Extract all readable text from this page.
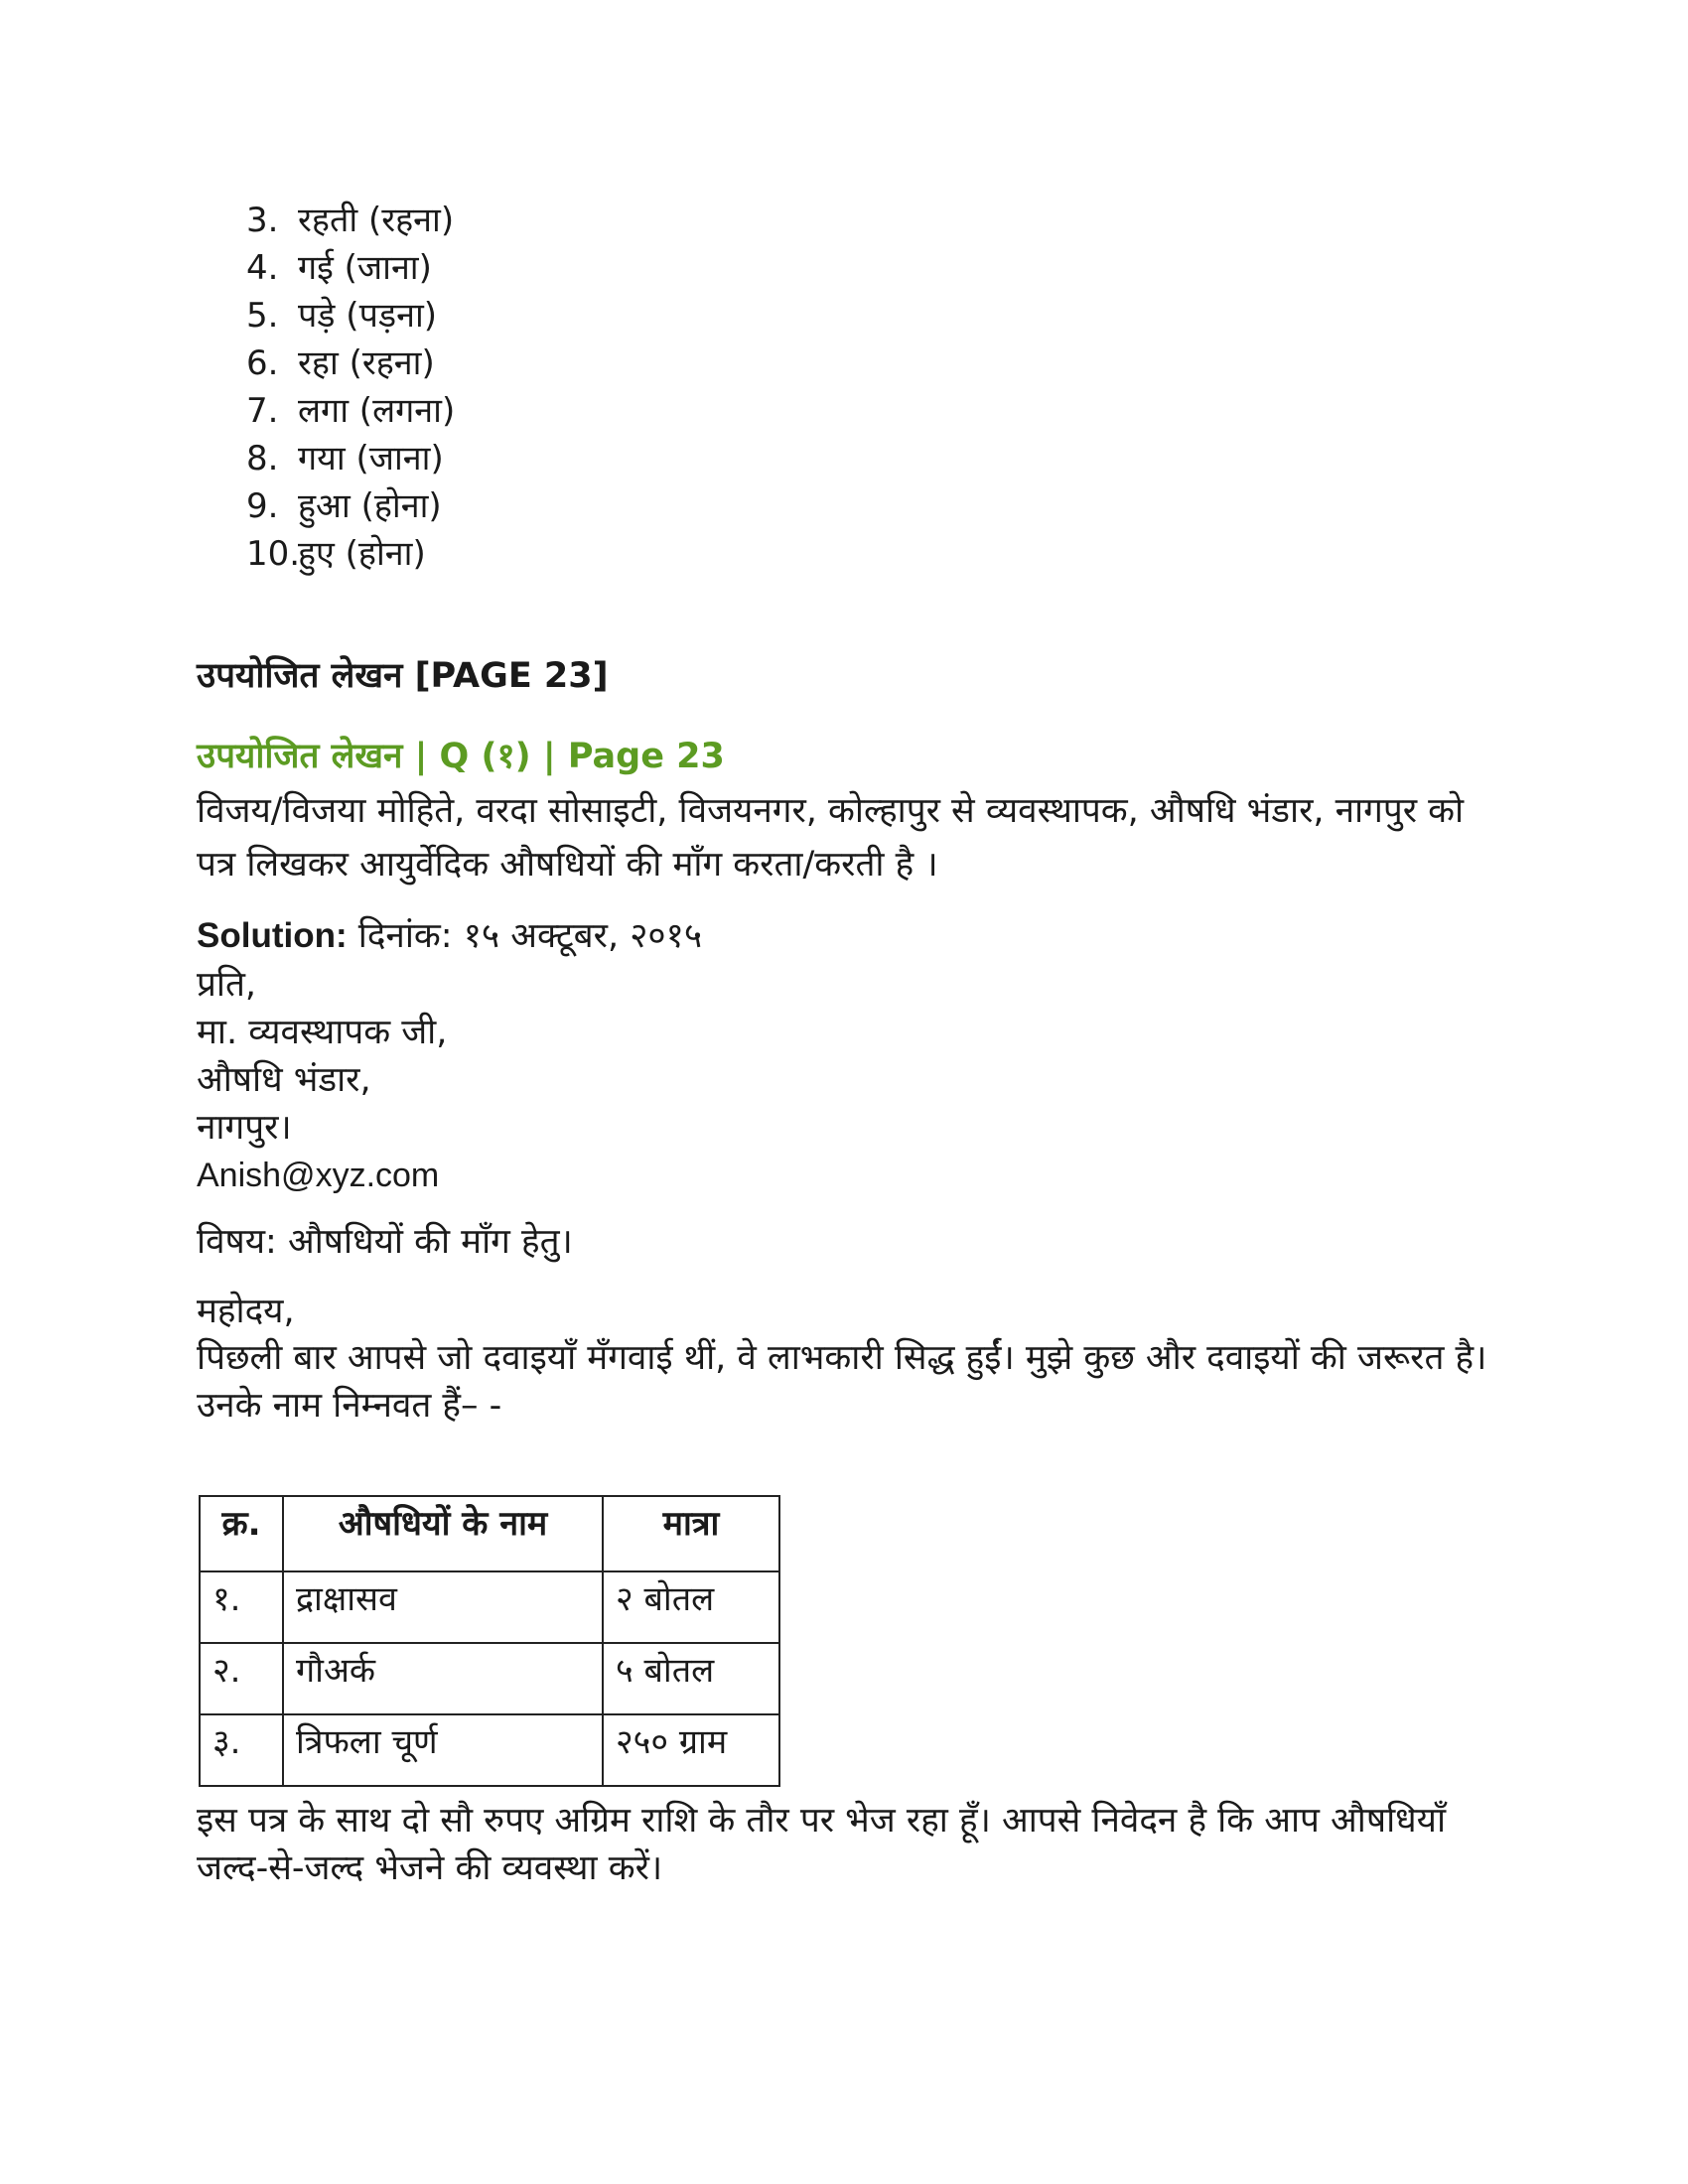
3. रहती (रहना)
4. गई (जाना)
5. पड़े (पड़ना)
6. रहा (रहना)
7. लगा (लगना)
8. गया (जाना)
9. हुआ (होना)
10.हुए (होना)
उपयोजित लेखन [PAGE 23]
उपयोजित लेखन | Q (१) | Page 23
विजय/विजया मोहिते, वरदा सोसाइटी, विजयनगर, कोल्हापुर से व्यवस्थापक, औषधि भंडार, नागपुर को पत्र लिखकर आयुर्वेदिक औषधियों की माँग करता/करती है ।
Solution: दिनांक: १५ अक्टूबर, २०१५
प्रति,
मा. व्यवस्थापक जी,
औषधि भंडार,
नागपुर।
Anish@xyz.com
विषय: औषधियों की माँग हेतु।
महोदय,
पिछली बार आपसे जो दवाइयाँ मँगवाई थीं, वे लाभकारी सिद्ध हुईं। मुझे कुछ और दवाइयों की जरूरत है। उनके नाम निम्नवत हैं– -
क्र.	औषधियों के नाम	मात्रा
१.	द्राक्षासव	२ बोतल
२.	गौअर्क	५ बोतल
३.	त्रिफला चूर्ण	२५० ग्राम
इस पत्र के साथ दो सौ रुपए अग्रिम राशि के तौर पर भेज रहा हूँ। आपसे निवेदन है कि आप औषधियाँ जल्द-से-जल्द भेजने की व्यवस्था करें।
